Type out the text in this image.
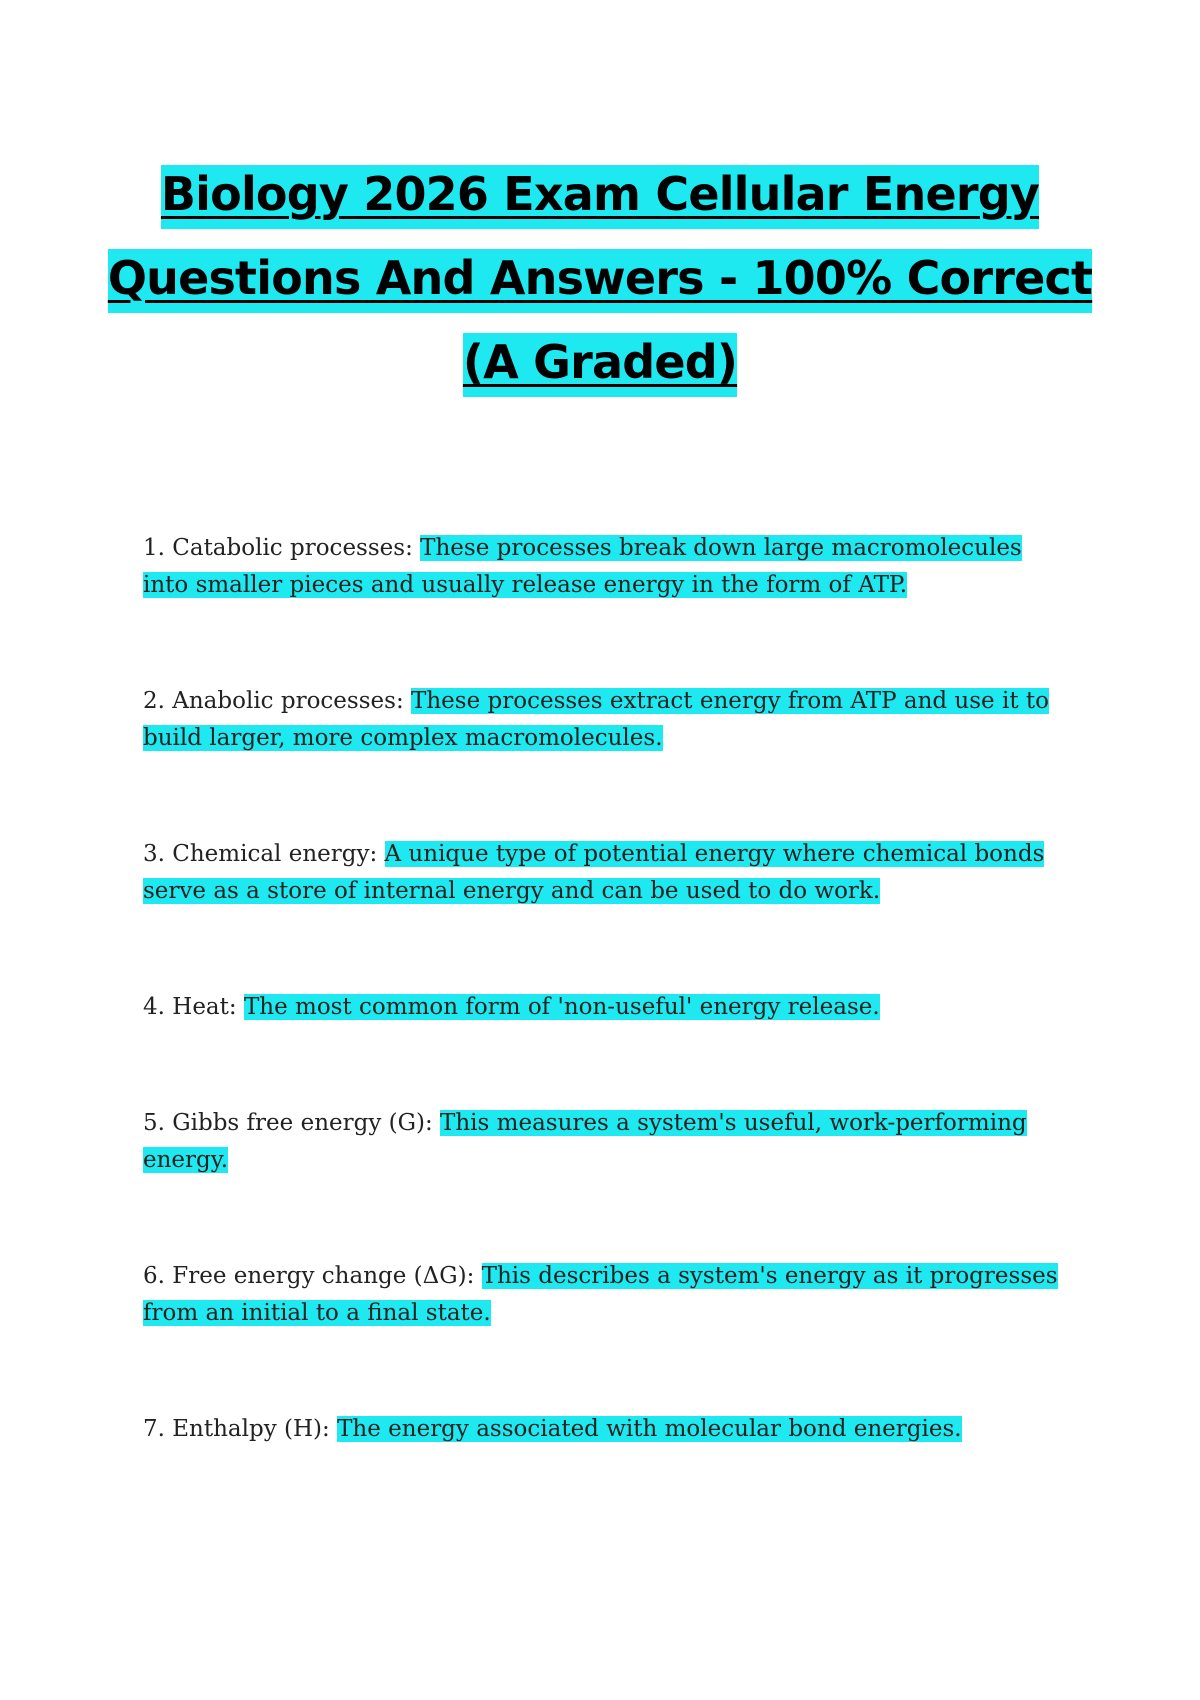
Biology 2026 Exam Cellular Energy
Questions And Answers - 100% Correct
(A Graded)

1. Catabolic processes: These processes break down large macromolecules into smaller pieces and usually release energy in the form of ATP.

2. Anabolic processes: These processes extract energy from ATP and use it to build larger, more complex macromolecules.

3. Chemical energy: A unique type of potential energy where chemical bonds serve as a store of internal energy and can be used to do work.

4. Heat: The most common form of 'non-useful' energy release.

5. Gibbs free energy (G): This measures a system's useful, work-performing energy.

6. Free energy change (ΔG): This describes a system's energy as it progresses from an initial to a final state.

7. Enthalpy (H): The energy associated with molecular bond energies.
